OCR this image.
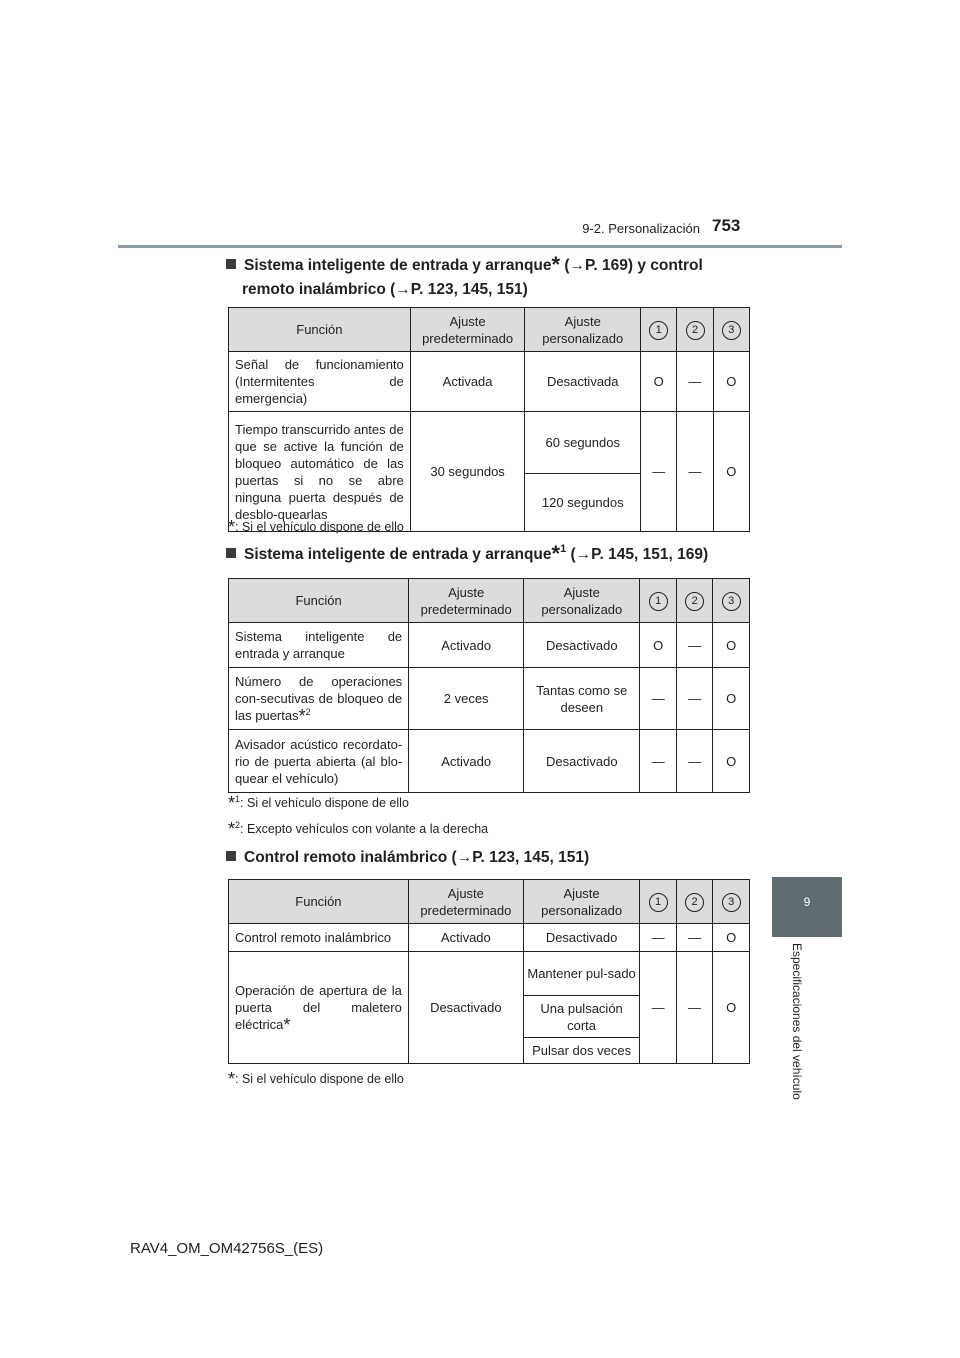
9-2. Personalización 753
9
Especificaciones del vehículo
Sistema inteligente de entrada y arranque* (→P. 169) y control
remoto inalámbrico (→P. 123, 145, 151)
Función	Ajuste predeterminado	Ajuste personalizado	1	2	3
Señal de funcionamiento (Intermitentes de emergencia)	Activada	Desactivada	O	—	O
Tiempo transcurrido antes de que se active la función de bloqueo automático de las puertas si no se abre ninguna puerta después de desblo-quearlas	30 segundos	60 segundos	—	—	O
		120 segundos			
*: Si el vehículo dispone de ello
Sistema inteligente de entrada y arranque*$^1$ (→P. 145, 151, 169)
Función	Ajuste predeterminado	Ajuste personalizado	1	2	3
Sistema inteligente de entrada y arranque	Activado	Desactivado	O	—	O
Número de operaciones con-secutivas de bloqueo de las puertas*$^2$	2 veces	Tantas como se deseen	—	—	O
Avisador acústico recordato-rio de puerta abierta (al blo-quear el vehículo)	Activado	Desactivado	—	—	O
*$^1$: Si el vehículo dispone de ello
*$^2$: Excepto vehículos con volante a la derecha
Control remoto inalámbrico (→P. 123, 145, 151)
Función	Ajuste predeterminado	Ajuste personalizado	1	2	3
Control remoto inalámbrico	Activado	Desactivado	—	—	O
Operación de apertura de la puerta del maletero eléctrica*	Desactivado	Mantener pul-sado	—	—	O
		Una pulsación corta			
		Pulsar dos veces			
*: Si el vehículo dispone de ello
RAV4_OM_OM42756S_(ES)
